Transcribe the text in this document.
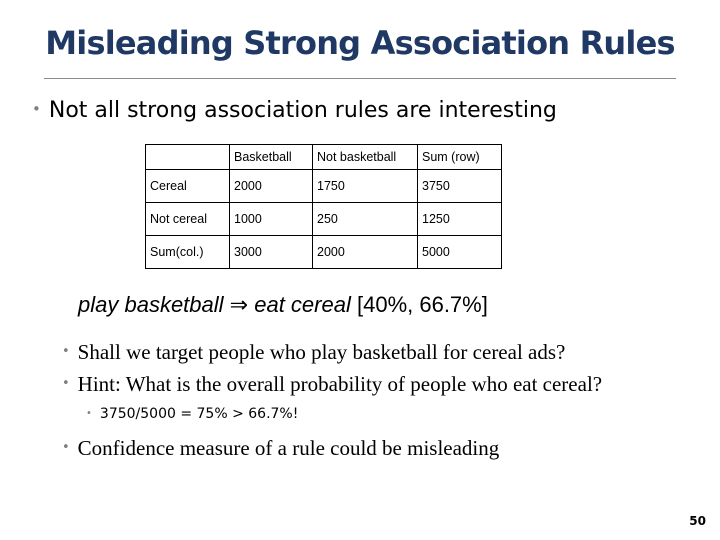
Misleading Strong Association Rules
• Not all strong association rules are interesting
	Basketball	Not basketball	Sum (row)
Cereal	2000	1750	3750
Not cereal	1000	250	1250
Sum(col.)	3000	2000	5000
play basketball ⇒ eat cereal [40%, 66.7%]
• Shall we target people who play basketball for cereal ads?
• Hint: What is the overall probability of people who eat cereal?
• 3750/5000 = 75% > 66.7%!
• Confidence measure of a rule could be misleading
50
